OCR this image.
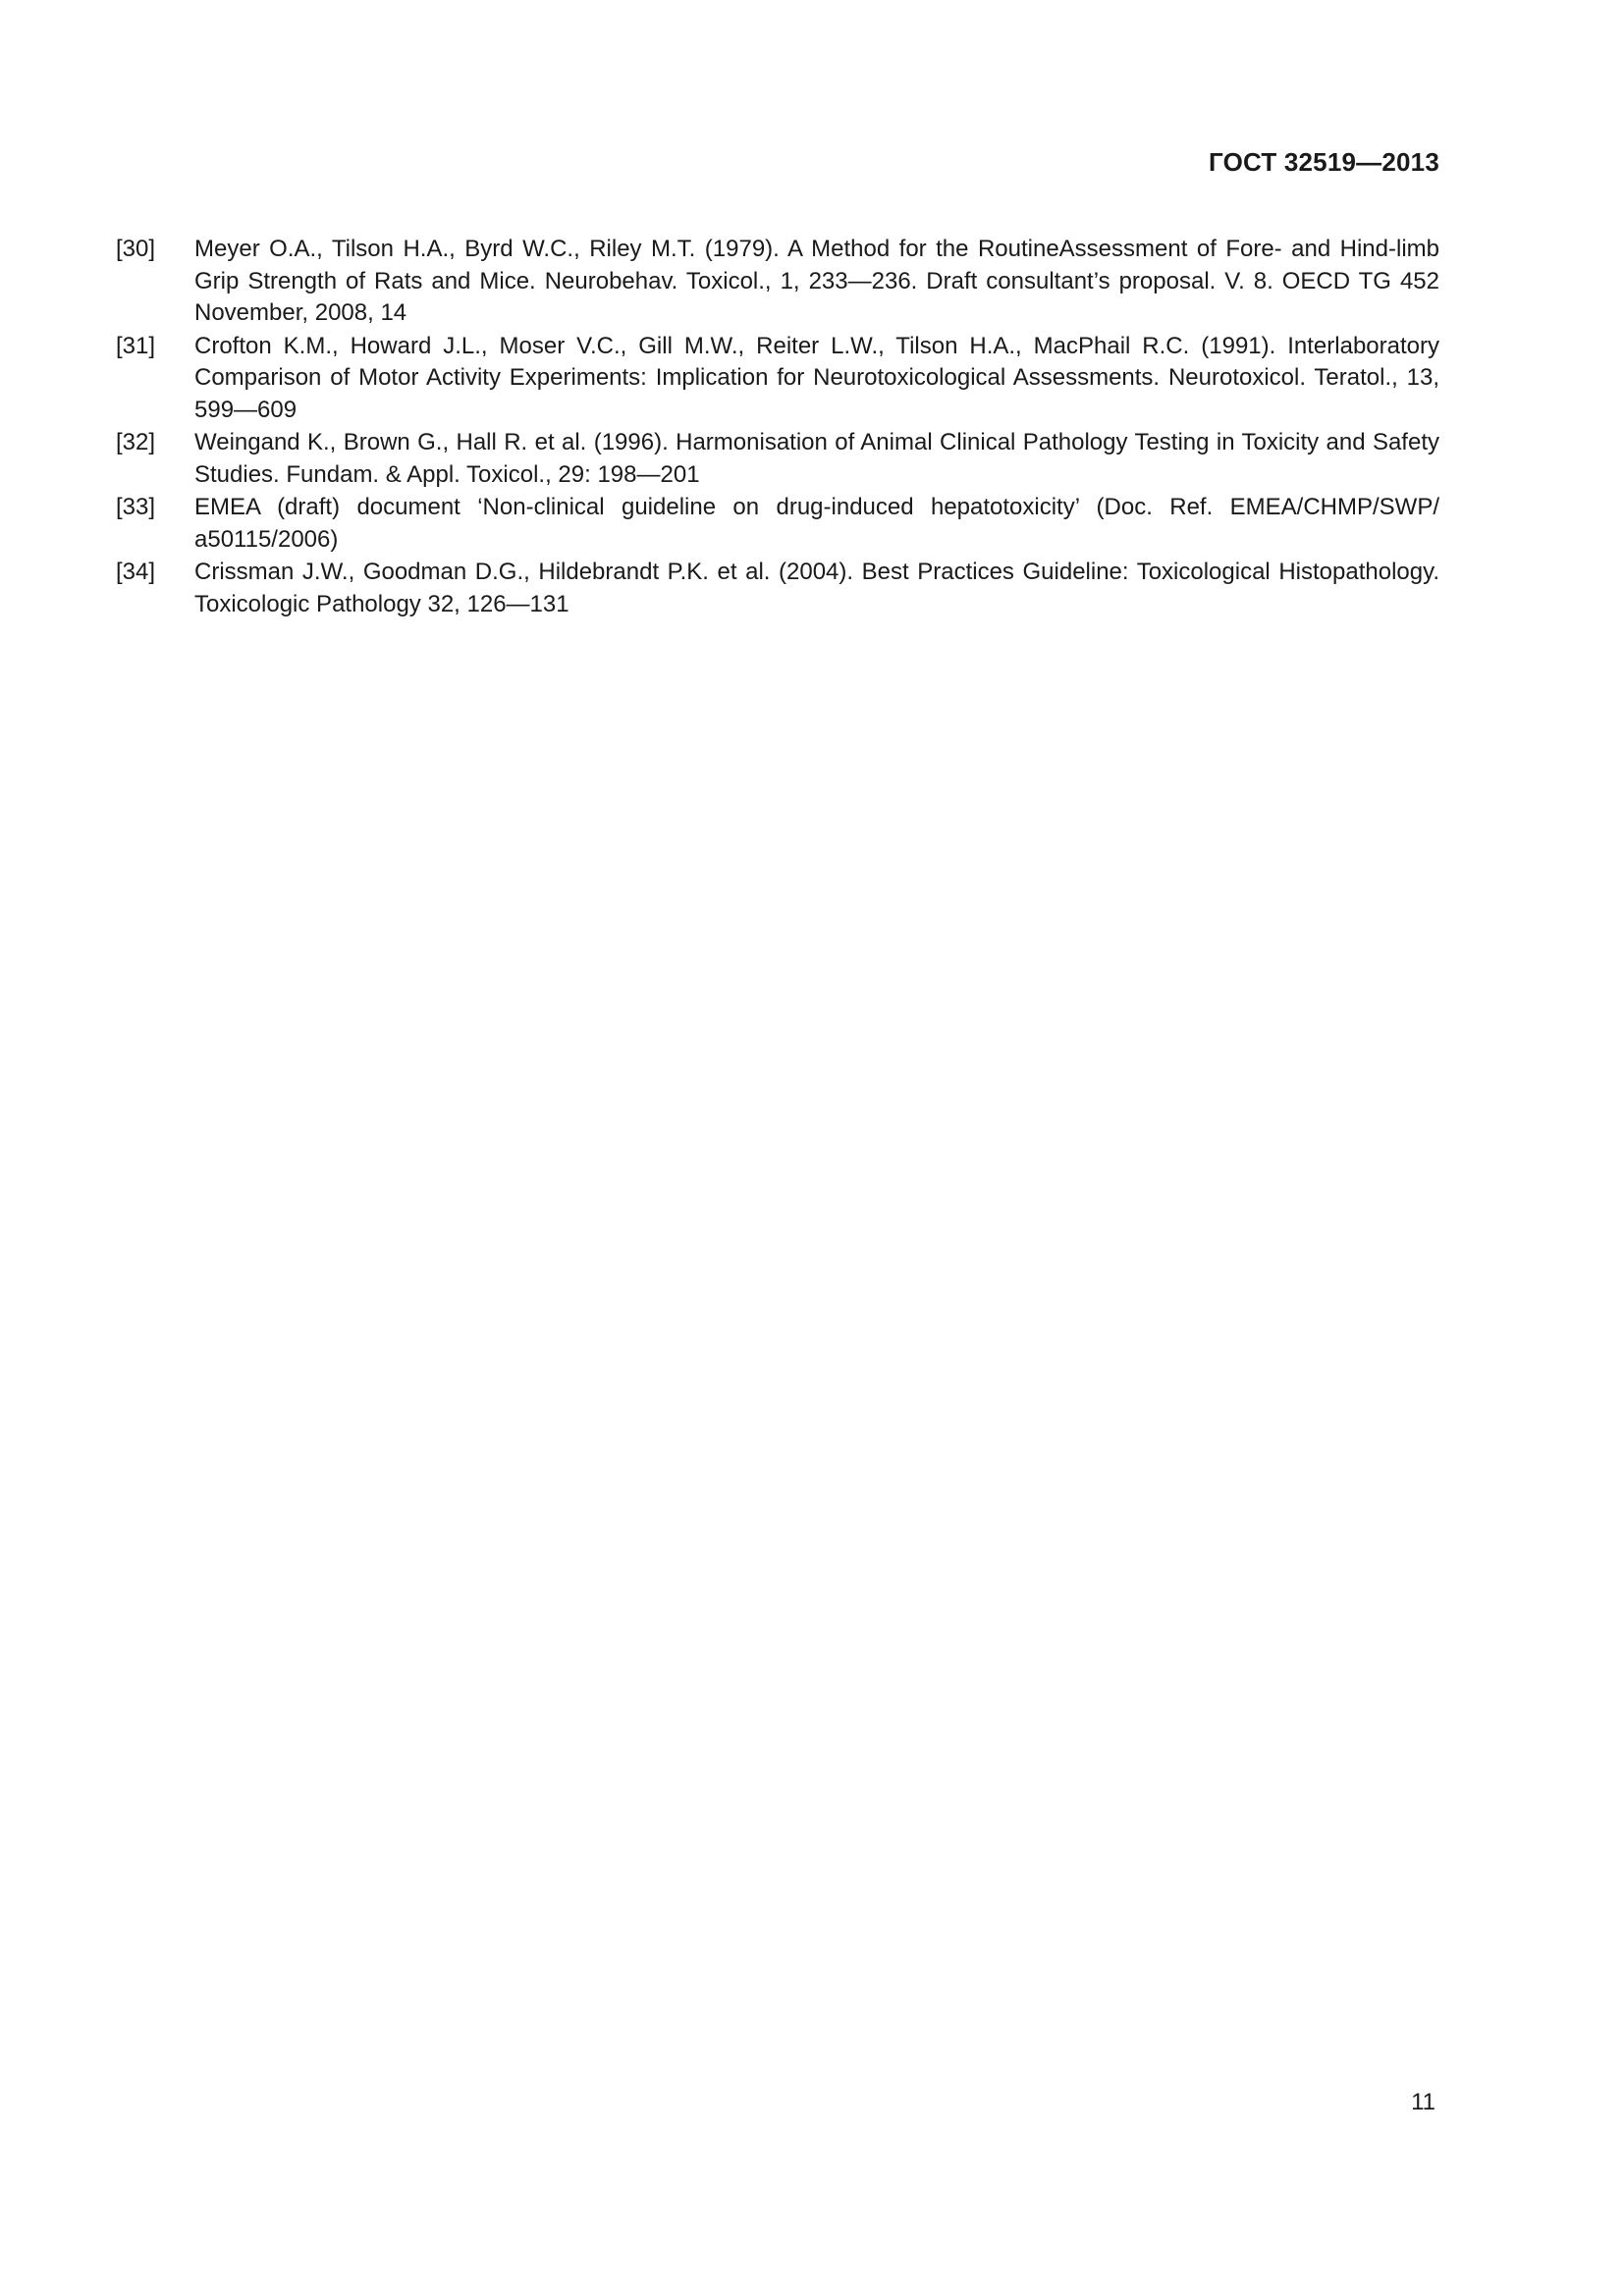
ГОСТ 32519—2013
[30]	Meyer O.A., Tilson H.A., Byrd W.C., Riley M.T. (1979). A Method for the RoutineAssessment of Fore- and Hind-limb Grip Strength of Rats and Mice. Neurobehav. Toxicol., 1, 233—236. Draft consultant’s proposal. V. 8. OECD TG 452 November, 2008, 14
[31]	Crofton K.M., Howard J.L., Moser V.C., Gill M.W., Reiter L.W., Tilson H.A., MacPhail R.C. (1991). Interlaboratory Comparison of Motor Activity Experiments: Implication for Neurotoxicological Assessments. Neurotoxicol. Teratol., 13, 599—609
[32]	Weingand K., Brown G., Hall R. et al. (1996). Harmonisation of Animal Clinical Pathology Testing in Toxicity and Safety Studies. Fundam. & Appl. Toxicol., 29: 198—201
[33]	EMEA (draft) document ‘Non-clinical guideline on drug-induced hepatotoxicity’ (Doc. Ref. EMEA/CHMP/SWP/ a50115/2006)
[34]	Crissman J.W., Goodman D.G., Hildebrandt P.K. et al. (2004). Best Practices Guideline: Toxicological Histopathology. Toxicologic Pathology 32, 126—131
11
